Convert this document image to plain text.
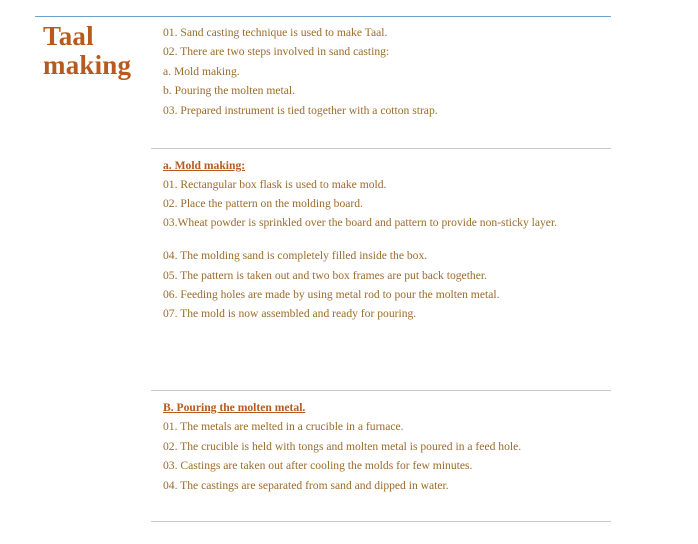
Taal making

01. Sand casting technique is used to make Taal.

02. There are two steps involved in sand casting:

a. Mold making.

b. Pouring the molten metal.

03. Prepared instrument is tied together with a cotton strap.

a. Mold making:

01. Rectangular box flask is used to make mold.

02. Place the pattern on the molding board.

03.Wheat powder is sprinkled over the board and pattern to provide non-sticky layer.

04. The molding sand is completely filled inside the box.

05. The pattern is taken out and two box frames are put back together.

06. Feeding holes are made by using metal rod to pour the molten metal.

07. The mold is now assembled and ready for pouring.

B. Pouring the molten metal.

01. The metals are melted in a crucible in a furnace.

02. The crucible is held with tongs and molten metal is poured in a feed hole.

03. Castings are taken out after cooling the molds for few minutes.

04. The castings are separated from sand and dipped in water.
